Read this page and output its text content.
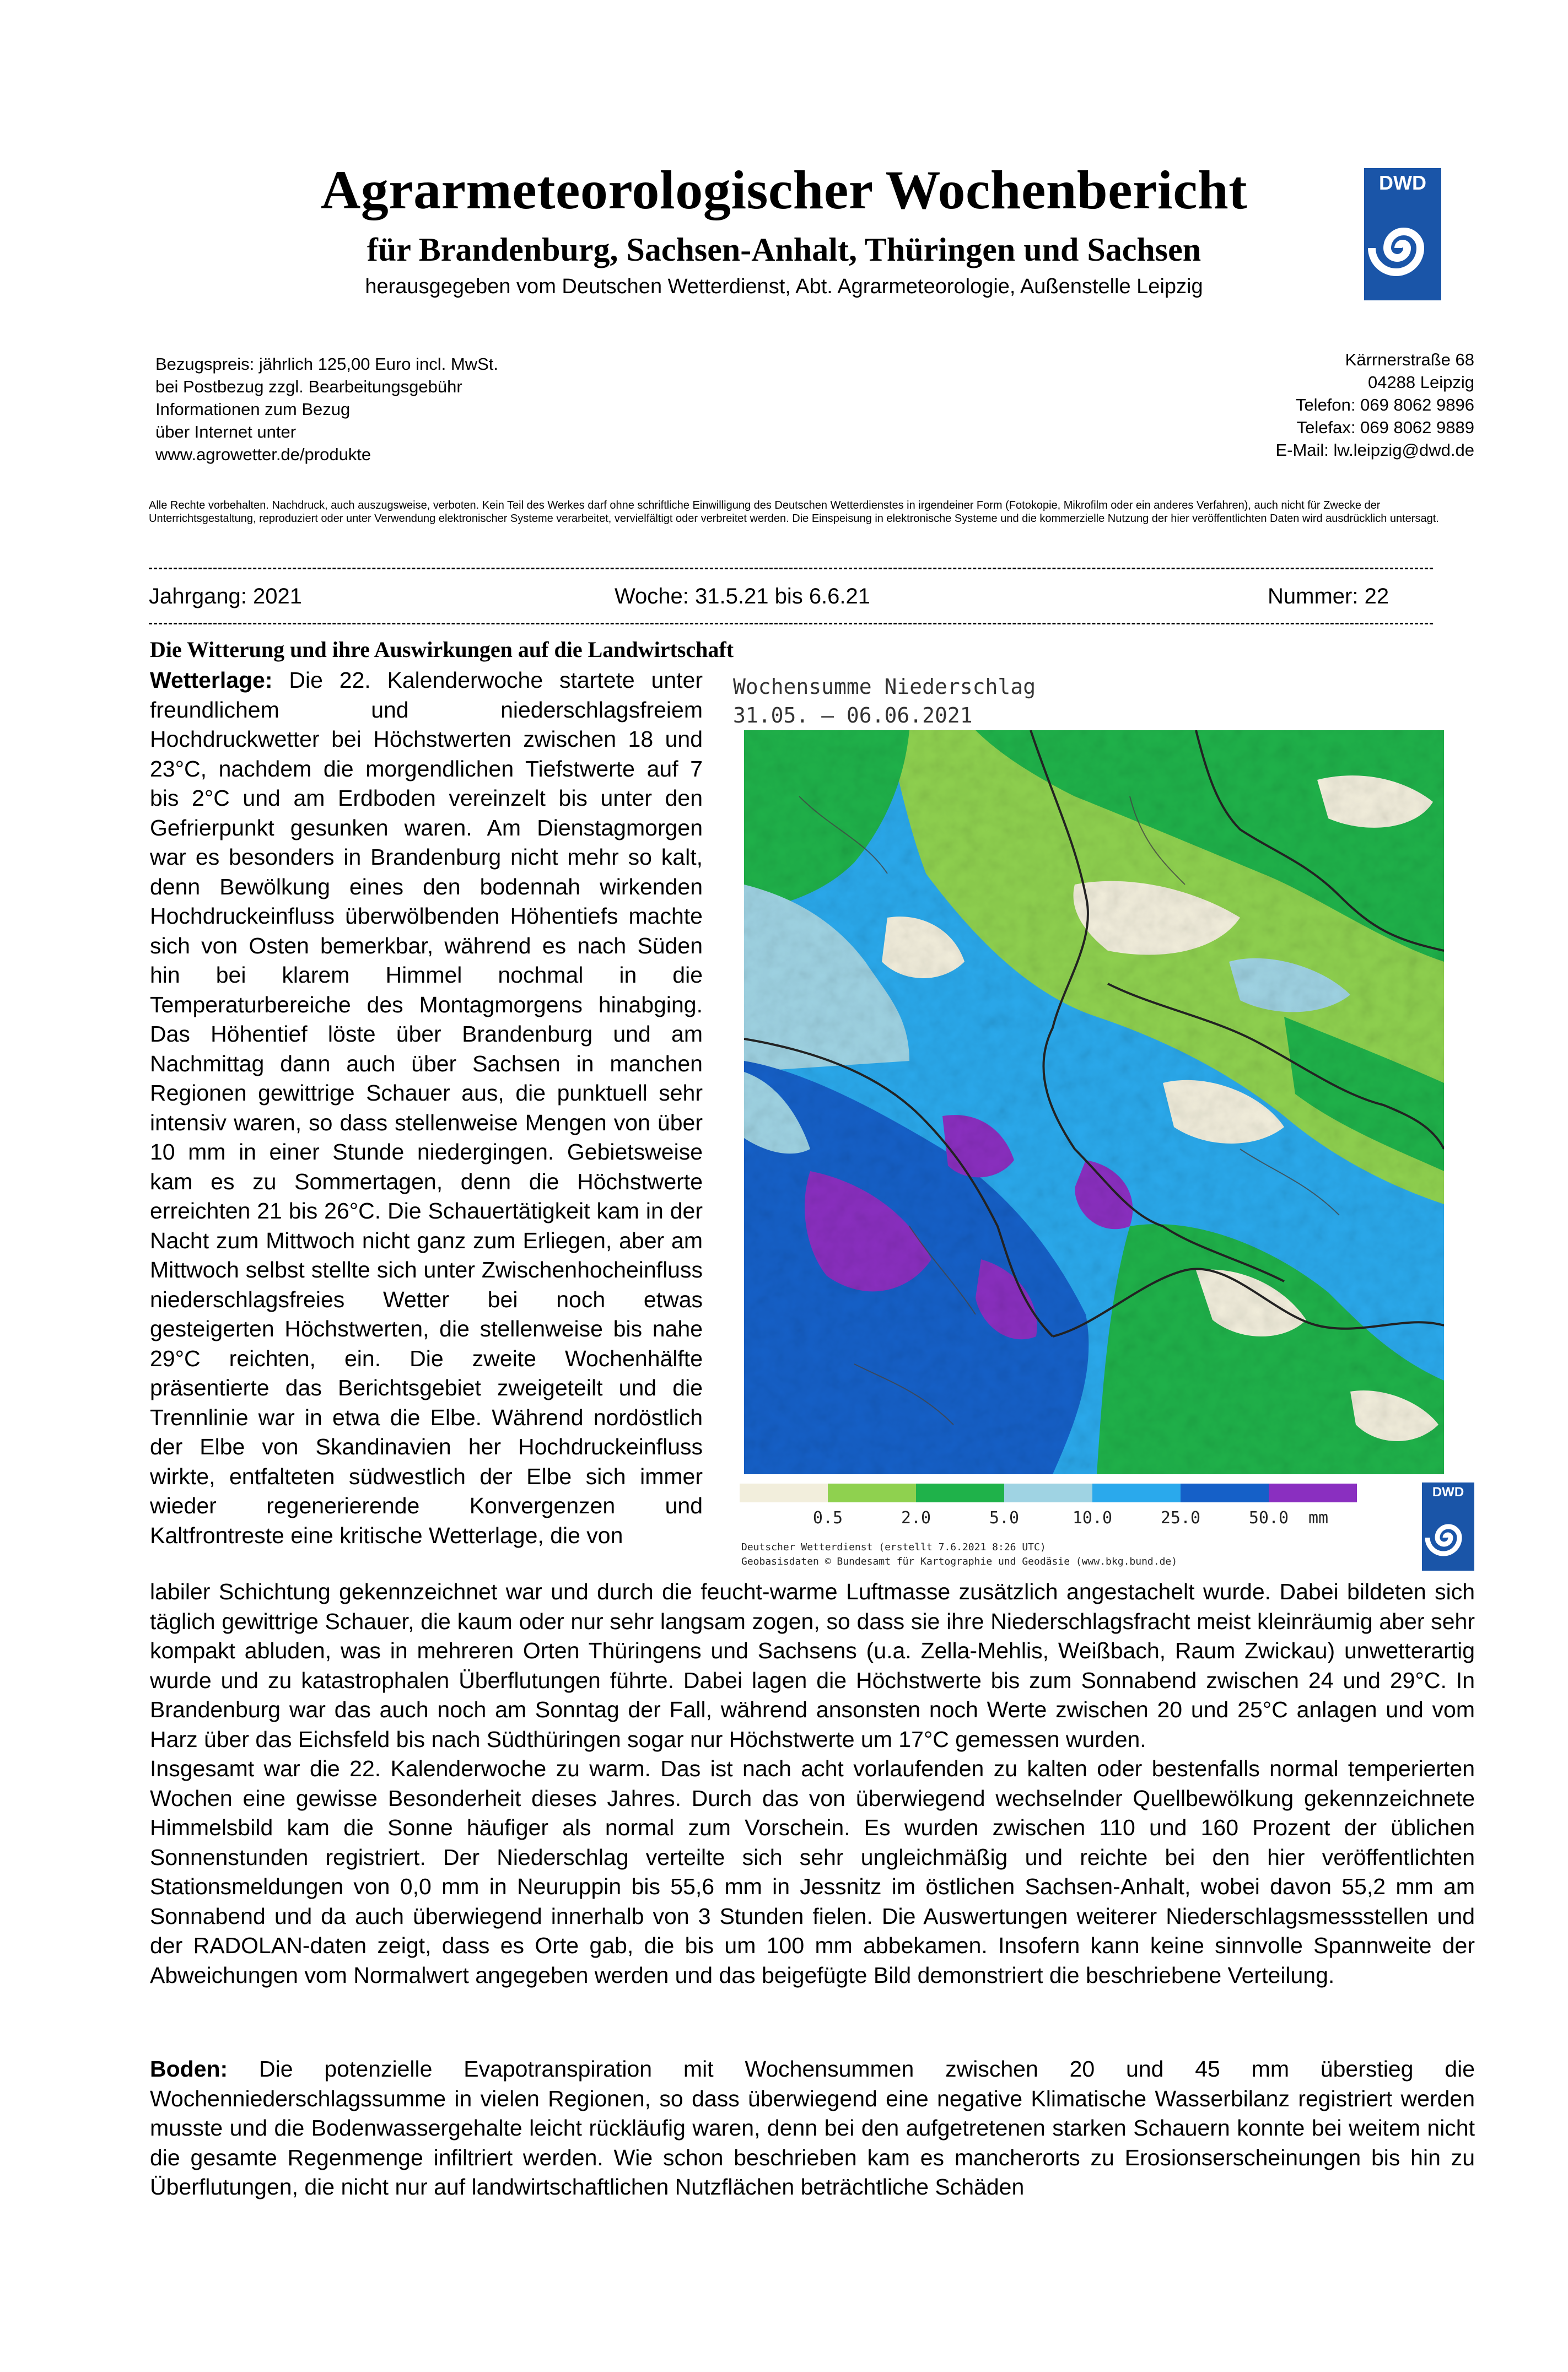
Agrarmeteorologischer Wochenbericht
für Brandenburg, Sachsen-Anhalt, Thüringen und Sachsen
herausgegeben vom Deutschen Wetterdienst, Abt. Agrarmeteorologie, Außenstelle Leipzig
DWD
Bezugspreis: jährlich 125,00 Euro incl. MwSt.
bei Postbezug zzgl. Bearbeitungsgebühr
Informationen zum Bezug
über Internet unter
www.agrowetter.de/produkte
Kärrnerstraße 68
04288 Leipzig
Telefon: 069 8062 9896
Telefax: 069 8062 9889
E-Mail: lw.leipzig@dwd.de
Alle Rechte vorbehalten. Nachdruck, auch auszugsweise, verboten. Kein Teil des Werkes darf ohne schriftliche Einwilligung des Deutschen Wetterdienstes in irgendeiner Form (Fotokopie, Mikrofilm oder ein anderes Verfahren), auch nicht für Zwecke der Unterrichtsgestaltung, reproduziert oder unter Verwendung elektronischer Systeme verarbeitet, vervielfältigt oder verbreitet werden. Die Einspeisung in elektronische Systeme und die kommerzielle Nutzung der hier veröffentlichten Daten wird ausdrücklich untersagt.
Jahrgang: 2021	Woche: 31.5.21 bis 6.6.21	Nummer: 22
Die Witterung und ihre Auswirkungen auf die Landwirtschaft
Wetterlage: Die 22. Kalenderwoche startete unter freundlichem und niederschlagsfreiem Hochdruckwetter bei Höchstwerten zwischen 18 und 23°C, nachdem die morgendlichen Tiefstwerte auf 7 bis 2°C und am Erdboden vereinzelt bis unter den Gefrierpunkt gesunken waren. Am Dienstagmorgen war es besonders in Brandenburg nicht mehr so kalt, denn Bewölkung eines den bodennah wirkenden Hochdruckeinfluss überwölbenden Höhentiefs machte sich von Osten bemerkbar, während es nach Süden hin bei klarem Himmel nochmal in die Temperaturbereiche des Montagmorgens hinabging. Das Höhentief löste über Brandenburg und am Nachmittag dann auch über Sachsen in manchen Regionen gewittrige Schauer aus, die punktuell sehr intensiv waren, so dass stellenweise Mengen von über 10 mm in einer Stunde niedergingen. Gebietsweise kam es zu Sommertagen, denn die Höchstwerte erreichten 21 bis 26°C. Die Schauertätigkeit kam in der Nacht zum Mittwoch nicht ganz zum Erliegen, aber am Mittwoch selbst stellte sich unter Zwischenhocheinfluss niederschlagsfreies Wetter bei noch etwas gesteigerten Höchstwerten, die stellenweise bis nahe 29°C reichten, ein. Die zweite Wochenhälfte präsentierte das Berichtsgebiet zweigeteilt und die Trennlinie war in etwa die Elbe. Während nordöstlich der Elbe von Skandinavien her Hochdruckeinfluss wirkte, entfalteten südwestlich der Elbe sich immer wieder regenerierende Konvergenzen und Kaltfrontreste eine kritische Wetterlage, die von
Wochensumme Niederschlag
31.05. – 06.06.2021
0.5	2.0	5.0	10.0	25.0	50.0 mm
Deutscher Wetterdienst (erstellt 7.6.2021 8:26 UTC)
Geobasisdaten © Bundesamt für Kartographie und Geodäsie (www.bkg.bund.de)
DWD
labiler Schichtung gekennzeichnet war und durch die feucht-warme Luftmasse zusätzlich angestachelt wurde. Dabei bildeten sich täglich gewittrige Schauer, die kaum oder nur sehr langsam zogen, so dass sie ihre Niederschlagsfracht meist kleinräumig aber sehr kompakt abluden, was in mehreren Orten Thüringens und Sachsens (u.a. Zella-Mehlis, Weißbach, Raum Zwickau) unwetterartig wurde und zu katastrophalen Überflutungen führte. Dabei lagen die Höchstwerte bis zum Sonnabend zwischen 24 und 29°C. In Brandenburg war das auch noch am Sonntag der Fall, während ansonsten noch Werte zwischen 20 und 25°C anlagen und vom Harz über das Eichsfeld bis nach Südthüringen sogar nur Höchstwerte um 17°C gemessen wurden.
Insgesamt war die 22. Kalenderwoche zu warm. Das ist nach acht vorlaufenden zu kalten oder bestenfalls normal temperierten Wochen eine gewisse Besonderheit dieses Jahres. Durch das von überwiegend wechselnder Quellbewölkung gekennzeichnete Himmelsbild kam die Sonne häufiger als normal zum Vorschein. Es wurden zwischen 110 und 160 Prozent der üblichen Sonnenstunden registriert. Der Niederschlag verteilte sich sehr ungleichmäßig und reichte bei den hier veröffentlichten Stationsmeldungen von 0,0 mm in Neuruppin bis 55,6 mm in Jessnitz im östlichen Sachsen-Anhalt, wobei davon 55,2 mm am Sonnabend und da auch überwiegend innerhalb von 3 Stunden fielen. Die Auswertungen weiterer Niederschlagsmessstellen und der RADOLAN-daten zeigt, dass es Orte gab, die bis um 100 mm abbekamen. Insofern kann keine sinnvolle Spannweite der Abweichungen vom Normalwert angegeben werden und das beigefügte Bild demonstriert die beschriebene Verteilung.
Boden: Die potenzielle Evapotranspiration mit Wochensummen zwischen 20 und 45 mm überstieg die Wochenniederschlagssumme in vielen Regionen, so dass überwiegend eine negative Klimatische Wasserbilanz registriert werden musste und die Bodenwassergehalte leicht rückläufig waren, denn bei den aufgetretenen starken Schauern konnte bei weitem nicht die gesamte Regenmenge infiltriert werden. Wie schon beschrieben kam es mancherorts zu Erosionserscheinungen bis hin zu Überflutungen, die nicht nur auf landwirtschaftlichen Nutzflächen beträchtliche Schäden
